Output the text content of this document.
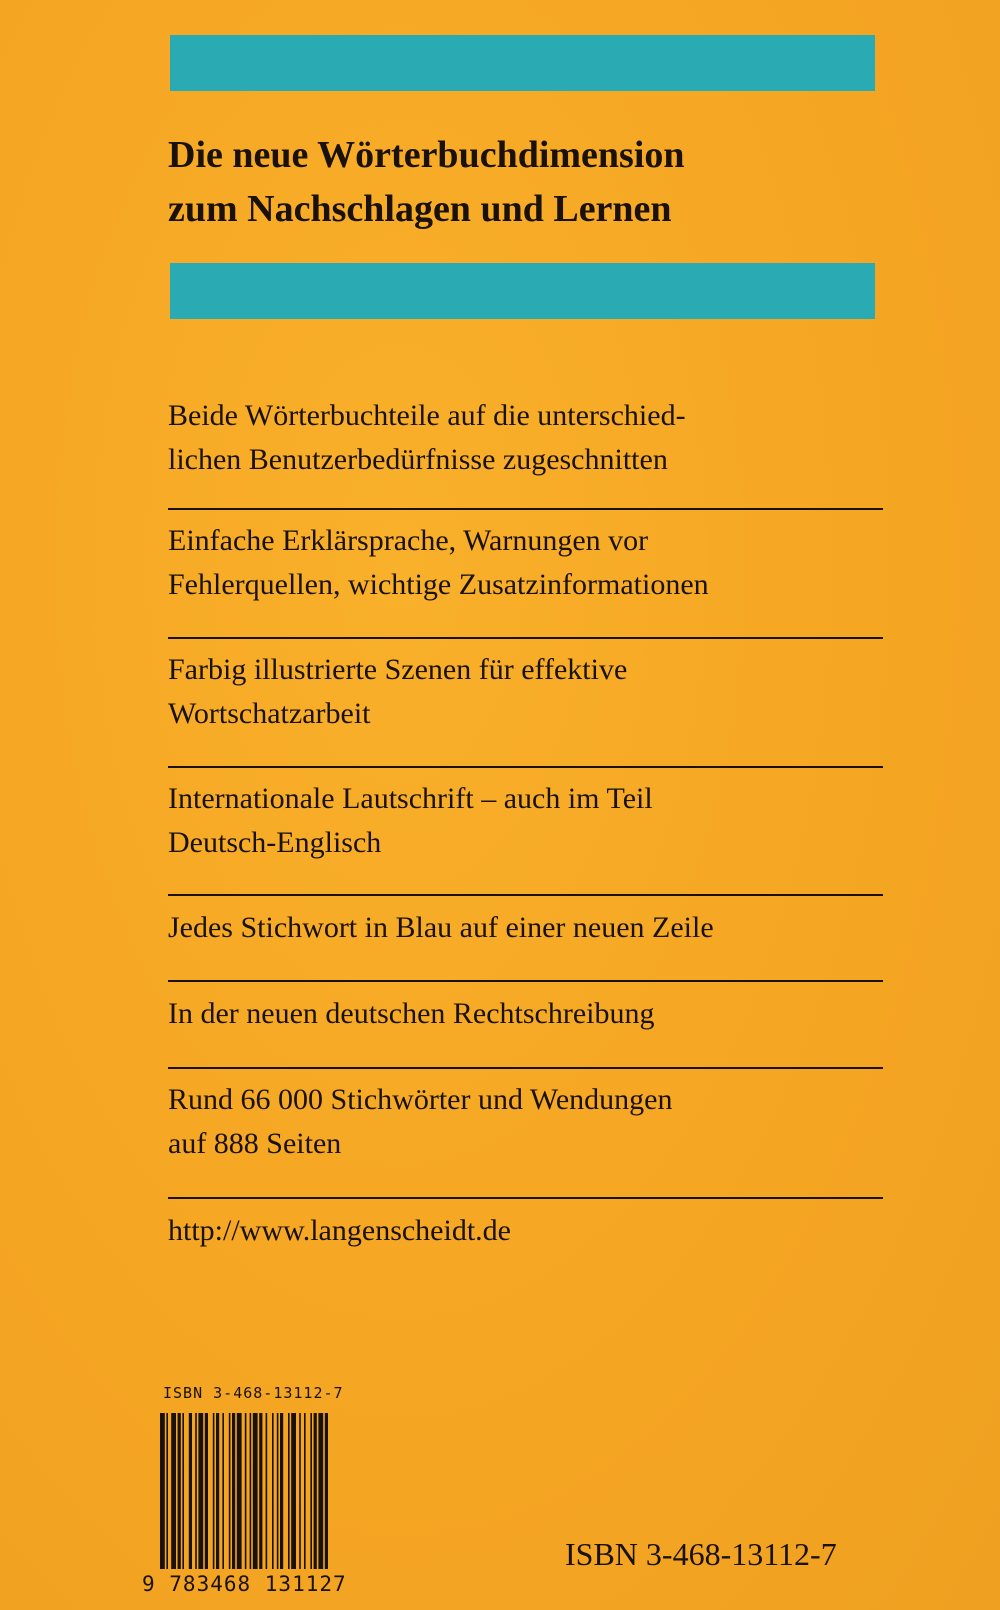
Die neue Wörterbuchdimension
zum Nachschlagen und Lernen

Beide Wörterbuchteile auf die unterschied-
lichen Benutzerbedürfnisse zugeschnitten

Einfache Erklärsprache, Warnungen vor
Fehlerquellen, wichtige Zusatzinformationen

Farbig illustrierte Szenen für effektive
Wortschatzarbeit

Internationale Lautschrift – auch im Teil
Deutsch-Englisch

Jedes Stichwort in Blau auf einer neuen Zeile

In der neuen deutschen Rechtschreibung

Rund 66 000 Stichwörter und Wendungen
auf 888 Seiten

http://www.langenscheidt.de

ISBN 3-468-13112-7
9 783468 131127
ISBN 3-468-13112-7
